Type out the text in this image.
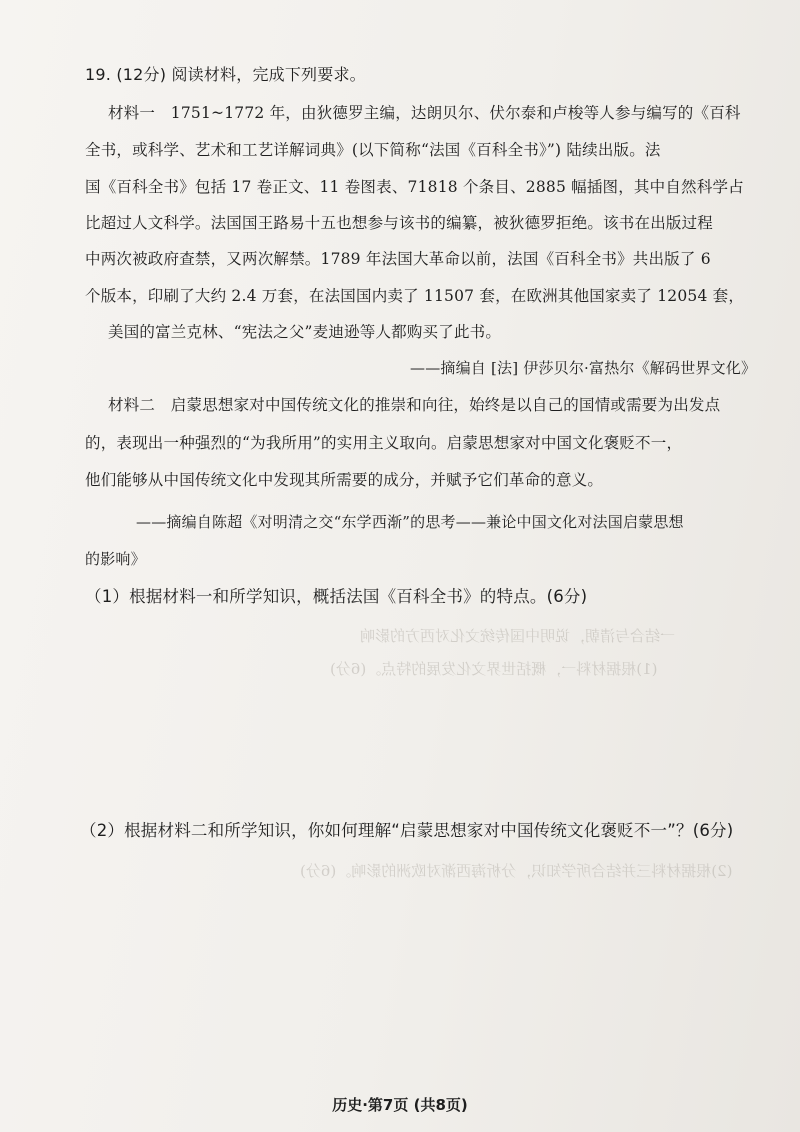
(1)根据材料一，概括世界文化发展的特点。(6分)
(2)根据材料三并结合所学知识，分析海西渐对欧洲的影响。(6分)
一结合与清朝，说明中国传统文化对西方的影响
19. (12分) 阅读材料，完成下列要求。
材料一　1751~1772 年，由狄德罗主编，达朗贝尔、伏尔泰和卢梭等人参与编写的《百科
全书，或科学、艺术和工艺详解词典》(以下简称“法国《百科全书》”) 陆续出版。法
国《百科全书》包括 17 卷正文、11 卷图表、71818 个条目、2885 幅插图，其中自然科学占
比超过人文科学。法国国王路易十五也想参与该书的编纂，被狄德罗拒绝。该书在出版过程
中两次被政府查禁，又两次解禁。1789 年法国大革命以前，法国《百科全书》共出版了 6
个版本，印刷了大约 2.4 万套，在法国国内卖了 11507 套，在欧洲其他国家卖了 12054 套，
美国的富兰克林、“宪法之父”麦迪逊等人都购买了此书。
——摘编自 [法] 伊莎贝尔·富热尔《解码世界文化》
材料二　启蒙思想家对中国传统文化的推崇和向往，始终是以自己的国情或需要为出发点
的，表现出一种强烈的“为我所用”的实用主义取向。启蒙思想家对中国文化褒贬不一，
他们能够从中国传统文化中发现其所需要的成分，并赋予它们革命的意义。
——摘编自陈超《对明清之交“东学西渐”的思考——兼论中国文化对法国启蒙思想
的影响》
（1）根据材料一和所学知识，概括法国《百科全书》的特点。(6分)
（2）根据材料二和所学知识，你如何理解“启蒙思想家对中国传统文化褒贬不一”？(6分)
历史·第7页 (共8页)
